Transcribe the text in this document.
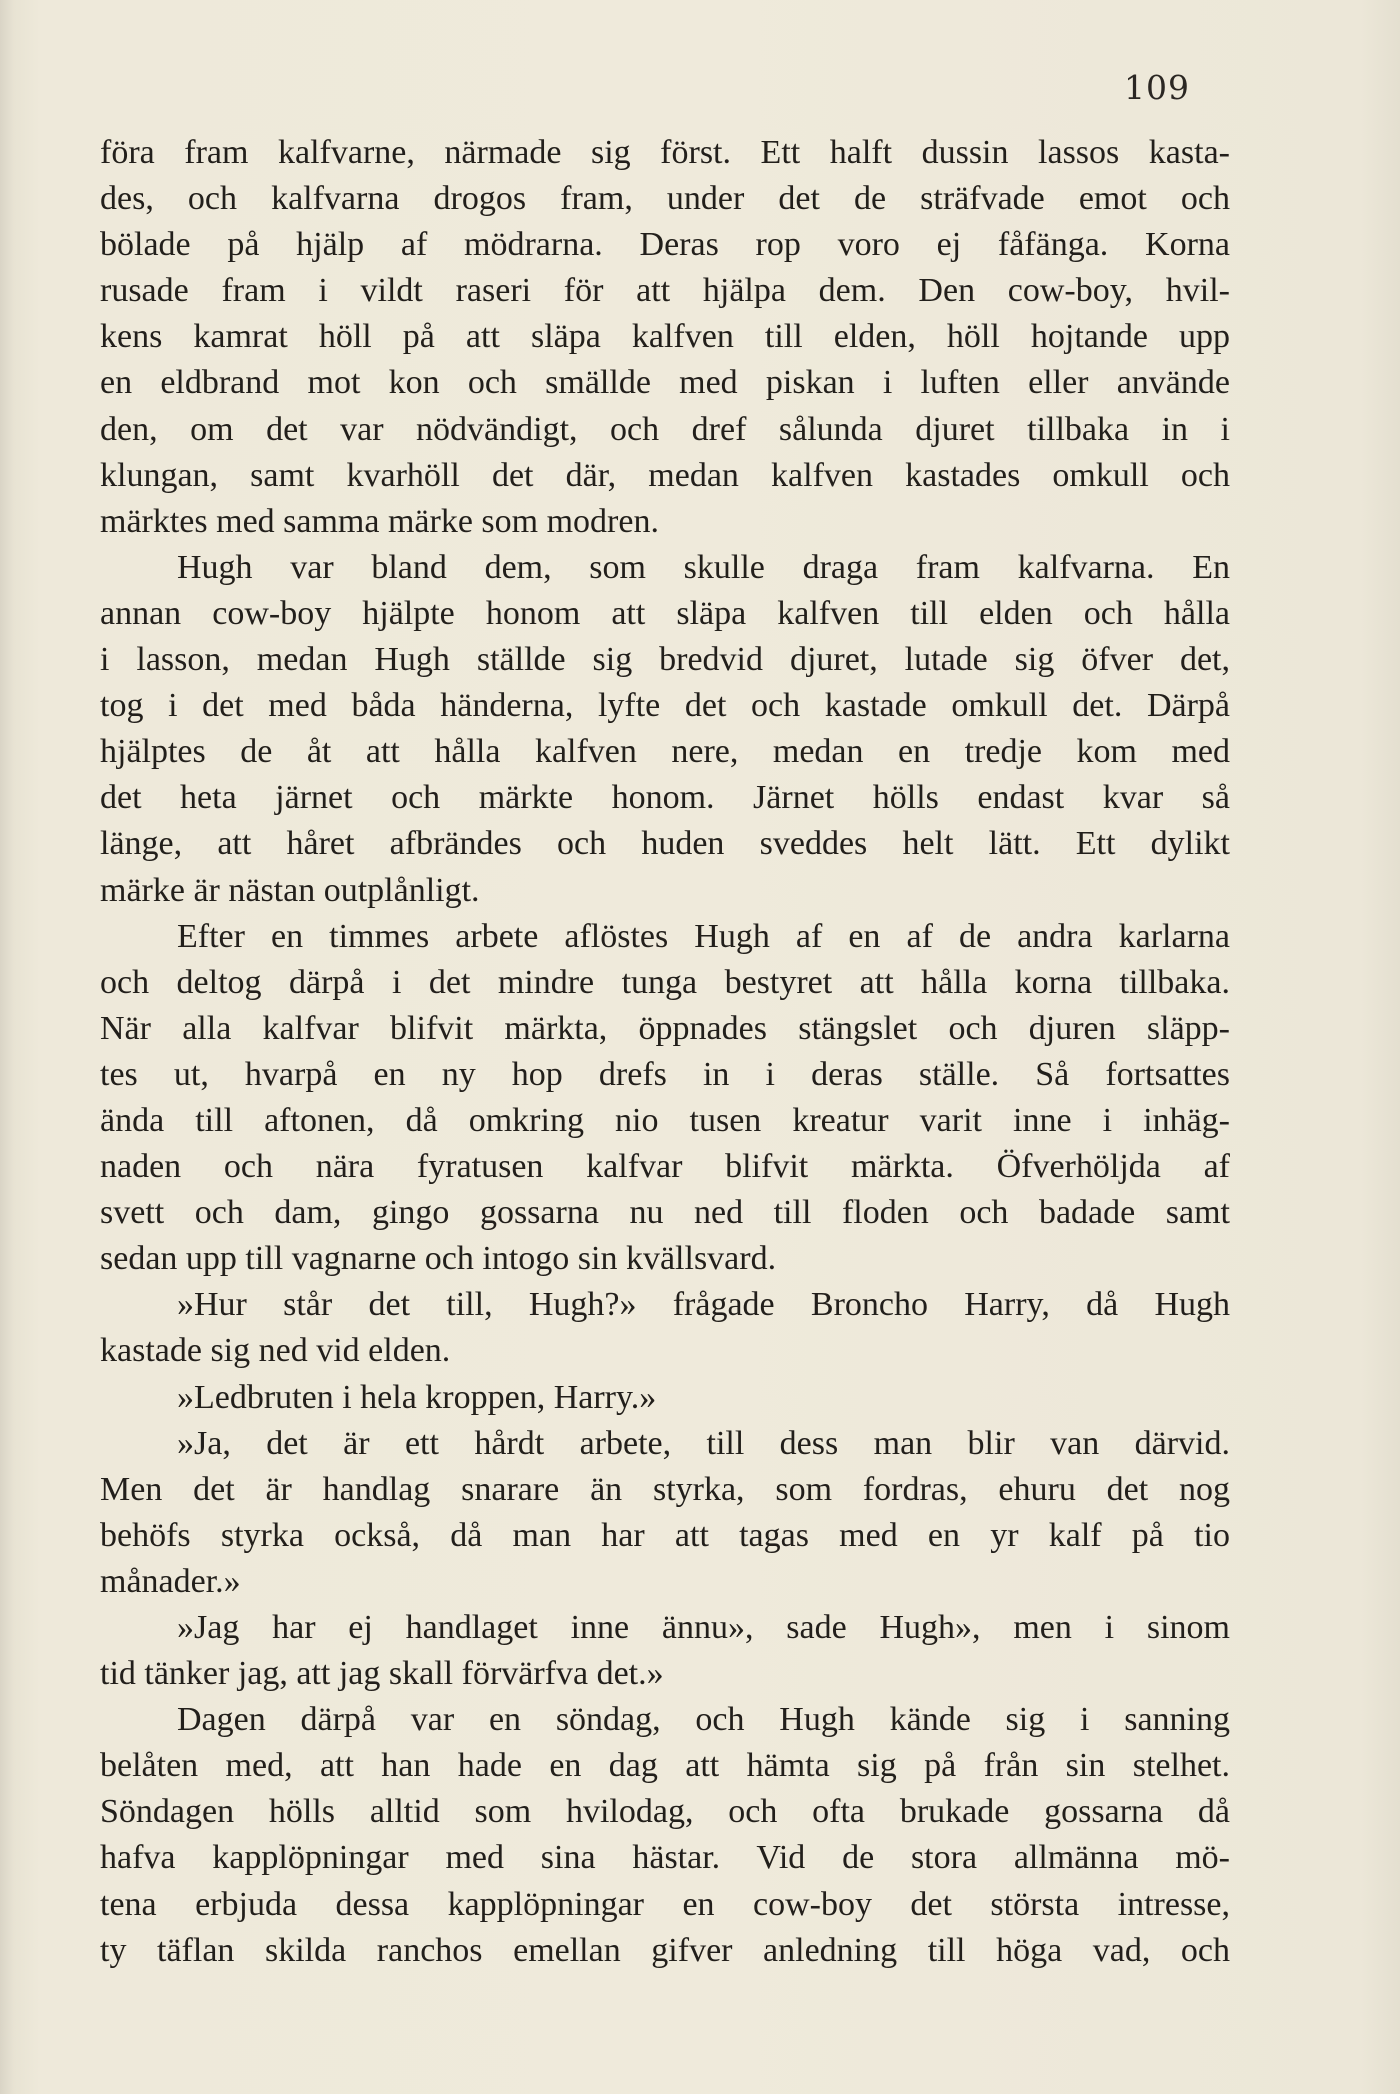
109
föra fram kalfvarne, närmade sig först. Ett halft dussin lassos kasta-
des, och kalfvarna drogos fram, under det de sträfvade emot och
bölade på hjälp af mödrarna. Deras rop voro ej fåfänga. Korna
rusade fram i vildt raseri för att hjälpa dem. Den cow-boy, hvil-
kens kamrat höll på att släpa kalfven till elden, höll hojtande upp
en eldbrand mot kon och smällde med piskan i luften eller använde
den, om det var nödvändigt, och dref sålunda djuret tillbaka in i
klungan, samt kvarhöll det där, medan kalfven kastades omkull och
märktes med samma märke som modren.
Hugh var bland dem, som skulle draga fram kalfvarna. En
annan cow-boy hjälpte honom att släpa kalfven till elden och hålla
i lasson, medan Hugh ställde sig bredvid djuret, lutade sig öfver det,
tog i det med båda händerna, lyfte det och kastade omkull det. Därpå
hjälptes de åt att hålla kalfven nere, medan en tredje kom med
det heta järnet och märkte honom. Järnet hölls endast kvar så
länge, att håret afbrändes och huden sveddes helt lätt. Ett dylikt
märke är nästan outplånligt.
Efter en timmes arbete aflöstes Hugh af en af de andra karlarna
och deltog därpå i det mindre tunga bestyret att hålla korna tillbaka.
När alla kalfvar blifvit märkta, öppnades stängslet och djuren släpp-
tes ut, hvarpå en ny hop drefs in i deras ställe. Så fortsattes
ända till aftonen, då omkring nio tusen kreatur varit inne i inhäg-
naden och nära fyratusen kalfvar blifvit märkta. Öfverhöljda af
svett och dam, gingo gossarna nu ned till floden och badade samt
sedan upp till vagnarne och intogo sin kvällsvard.
»Hur står det till, Hugh?» frågade Broncho Harry, då Hugh
kastade sig ned vid elden.
»Ledbruten i hela kroppen, Harry.»
»Ja, det är ett hårdt arbete, till dess man blir van därvid.
Men det är handlag snarare än styrka, som fordras, ehuru det nog
behöfs styrka också, då man har att tagas med en yr kalf på tio
månader.»
»Jag har ej handlaget inne ännu», sade Hugh», men i sinom
tid tänker jag, att jag skall förvärfva det.»
Dagen därpå var en söndag, och Hugh kände sig i sanning
belåten med, att han hade en dag att hämta sig på från sin stelhet.
Söndagen hölls alltid som hvilodag, och ofta brukade gossarna då
hafva kapplöpningar med sina hästar. Vid de stora allmänna mö-
tena erbjuda dessa kapplöpningar en cow-boy det största intresse,
ty täflan skilda ranchos emellan gifver anledning till höga vad, och
